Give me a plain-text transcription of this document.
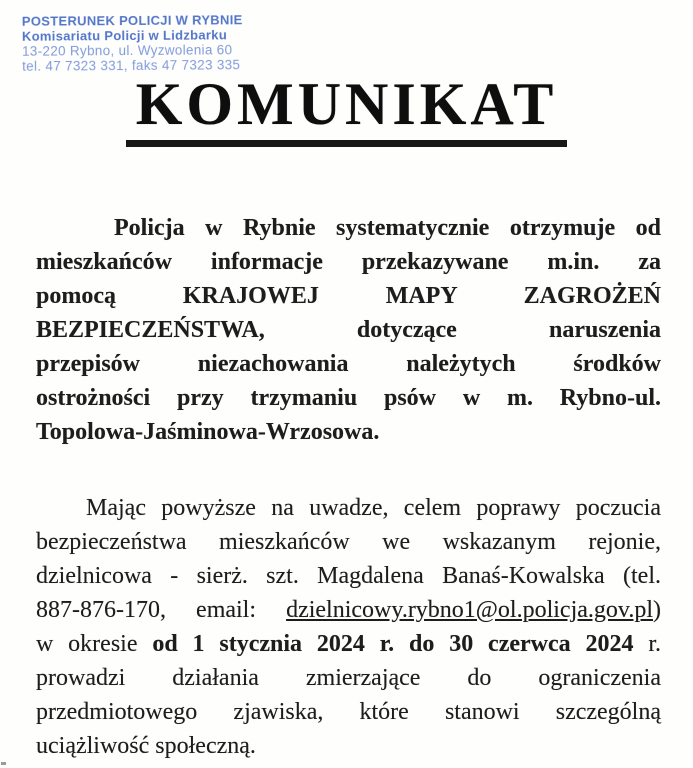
POSTERUNEK POLICJI W RYBNIE
Komisariatu Policji w Lidzbarku
13-220 Rybno, ul. Wyzwolenia 60
tel. 47 7323 331, faks 47 7323 335
KOMUNIKAT
Policja w Rybnie systematycznie otrzymuje od
mieszkańców informacje przekazywane m.in. za
pomocą KRAJOWEJ MAPY ZAGROŻEŃ
BEZPIECZEŃSTWA, dotyczące naruszenia
przepisów niezachowania należytych środków
ostrożności przy trzymaniu psów w m. Rybno-ul.
Topolowa-Jaśminowa-Wrzosowa.
Mając powyższe na uwadze, celem poprawy poczucia
bezpieczeństwa mieszkańców we wskazanym rejonie,
dzielnicowa - sierż. szt. Magdalena Banaś-Kowalska (tel.
887-876-170, email: dzielnicowy.rybno1@ol.policja.gov.pl)
w okresie od 1 stycznia 2024 r. do 30 czerwca 2024 r.
prowadzi działania zmierzające do ograniczenia
przedmiotowego zjawiska, które stanowi szczególną
uciążliwość społeczną.
